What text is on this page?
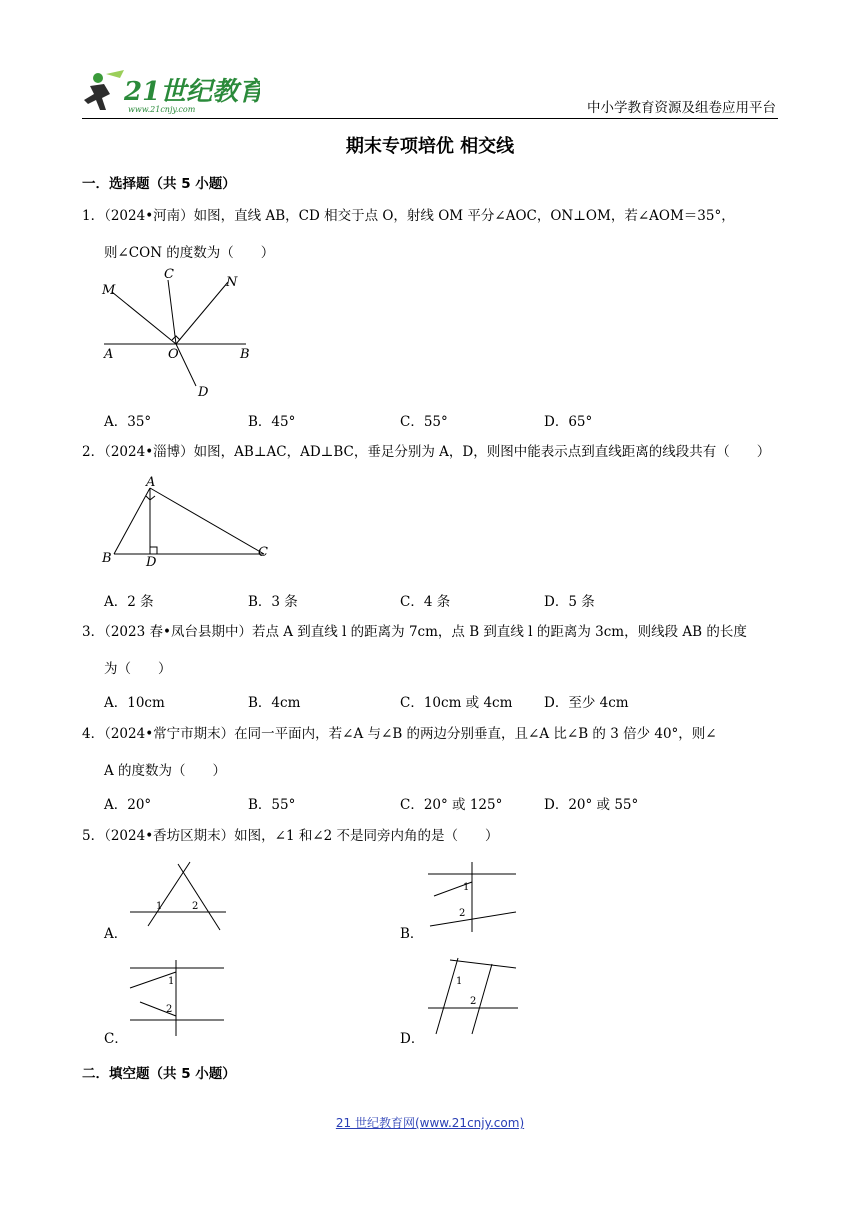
21世纪教育
www.21cnjy.com	中小学教育资源及组卷应用平台
期末专项培优 相交线
一．选择题（共 5 小题）
1．（2024•河南）如图，直线 AB，CD 相交于点 O，射线 OM 平分∠AOC，ON⊥OM，若∠AOM＝35°，
则∠CON 的度数为（　　）
M
C
N
A	O	B
D
A．35°	B．45°	C．55°	D．65°
2．（2024•淄博）如图，AB⊥AC，AD⊥BC，垂足分别为 A，D，则图中能表示点到直线距离的线段共有（　　）
A
B	D
C
A．2 条	B．3 条	C．4 条	D．5 条
3．（2023 春•凤台县期中）若点 A 到直线 l 的距离为 7cm，点 B 到直线 l 的距离为 3cm，则线段 AB 的长度
为（　　）
A．10cm	B．4cm	C．10cm 或 4cm D．至少 4cm
4．（2024•常宁市期末）在同一平面内，若∠A 与∠B 的两边分别垂直，且∠A 比∠B 的 3 倍少 40°，则∠
A 的度数为（　　）
A．20°	B．55°	C．20° 或 125°	D．20° 或 55°
5．（2024•香坊区期末）如图，∠1 和∠2 不是同旁内角的是（　　）
1	2
A．
1
2
B．
1
2
C．
1
2
D．
二．填空题（共 5 小题）
21 世纪教育网(www.21cnjy.com)
